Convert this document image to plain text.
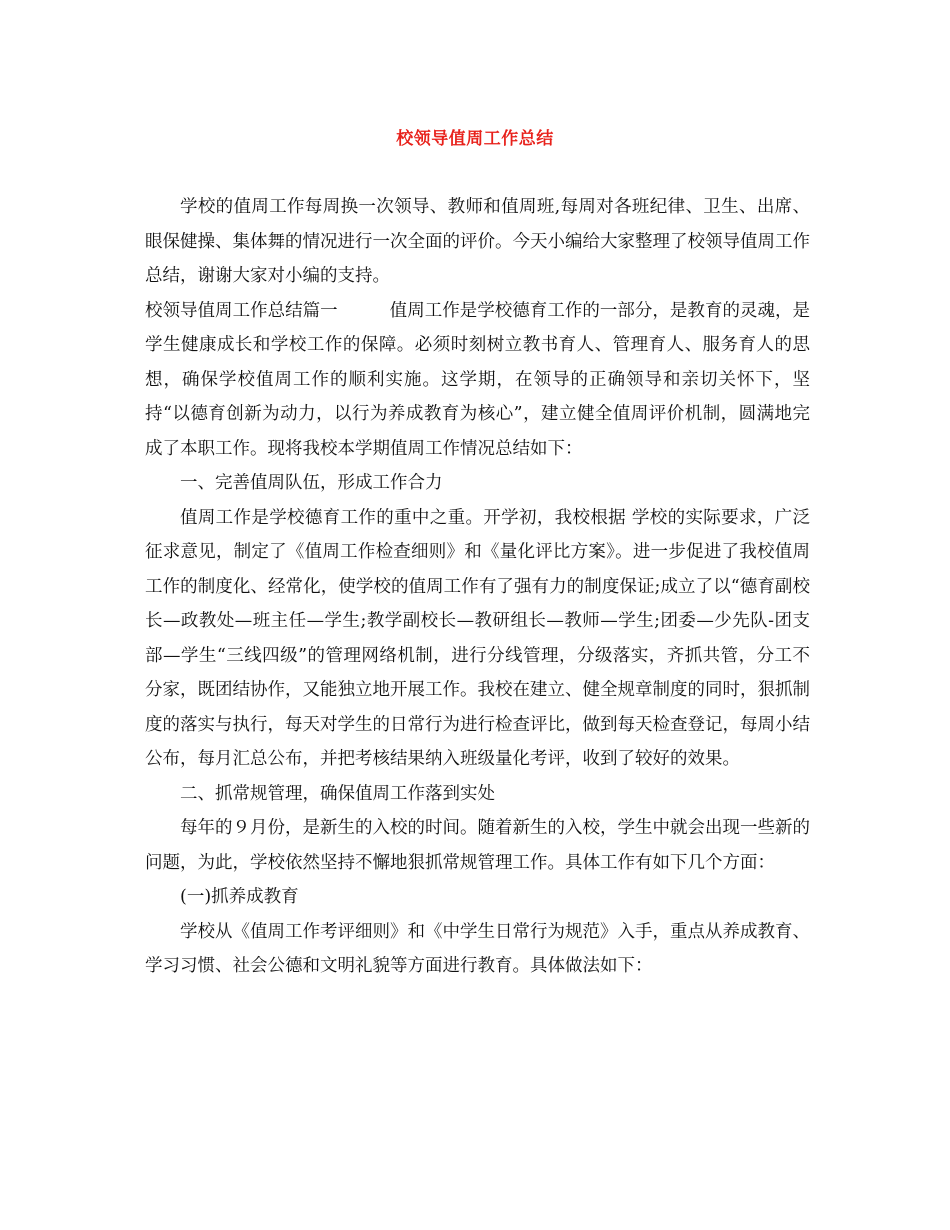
校领导值周工作总结

学校的值周工作每周换一次领导、教师和值周班,每周对各班纪律、卫生、出席、眼保健操、集体舞的情况进行一次全面的评价。今天小编给大家整理了校领导值周工作总结，谢谢大家对小编的支持。

校领导值周工作总结篇一	值周工作是学校德育工作的一部分，是教育的灵魂，是学生健康成长和学校工作的保障。必须时刻树立教书育人、管理育人、服务育人的思想，确保学校值周工作的顺利实施。这学期，在领导的正确领导和亲切关怀下，坚持“以德育创新为动力，以行为养成教育为核心”，建立健全值周评价机制，圆满地完成了本职工作。现将我校本学期值周工作情况总结如下：

一、完善值周队伍，形成工作合力

值周工作是学校德育工作的重中之重。开学初，我校根据 学校的实际要求，广泛征求意见，制定了《值周工作检查细则》和《量化评比方案》。进一步促进了我校值周工作的制度化、经常化，使学校的值周工作有了强有力的制度保证;成立了以“德育副校长—政教处—班主任—学生;教学副校长—教研组长—教师—学生;团委—少先队-团支部—学生“三线四级”的管理网络机制，进行分线管理，分级落实，齐抓共管，分工不分家，既团结协作，又能独立地开展工作。我校在建立、健全规章制度的同时，狠抓制度的落实与执行，每天对学生的日常行为进行检查评比，做到每天检查登记，每周小结公布，每月汇总公布，并把考核结果纳入班级量化考评，收到了较好的效果。

二、抓常规管理，确保值周工作落到实处

每年的９月份，是新生的入校的时间。随着新生的入校，学生中就会出现一些新的问题，为此，学校依然坚持不懈地狠抓常规管理工作。具体工作有如下几个方面：

(一)抓养成教育

学校从《值周工作考评细则》和《中学生日常行为规范》入手，重点从养成教育、学习习惯、社会公德和文明礼貌等方面进行教育。具体做法如下：
